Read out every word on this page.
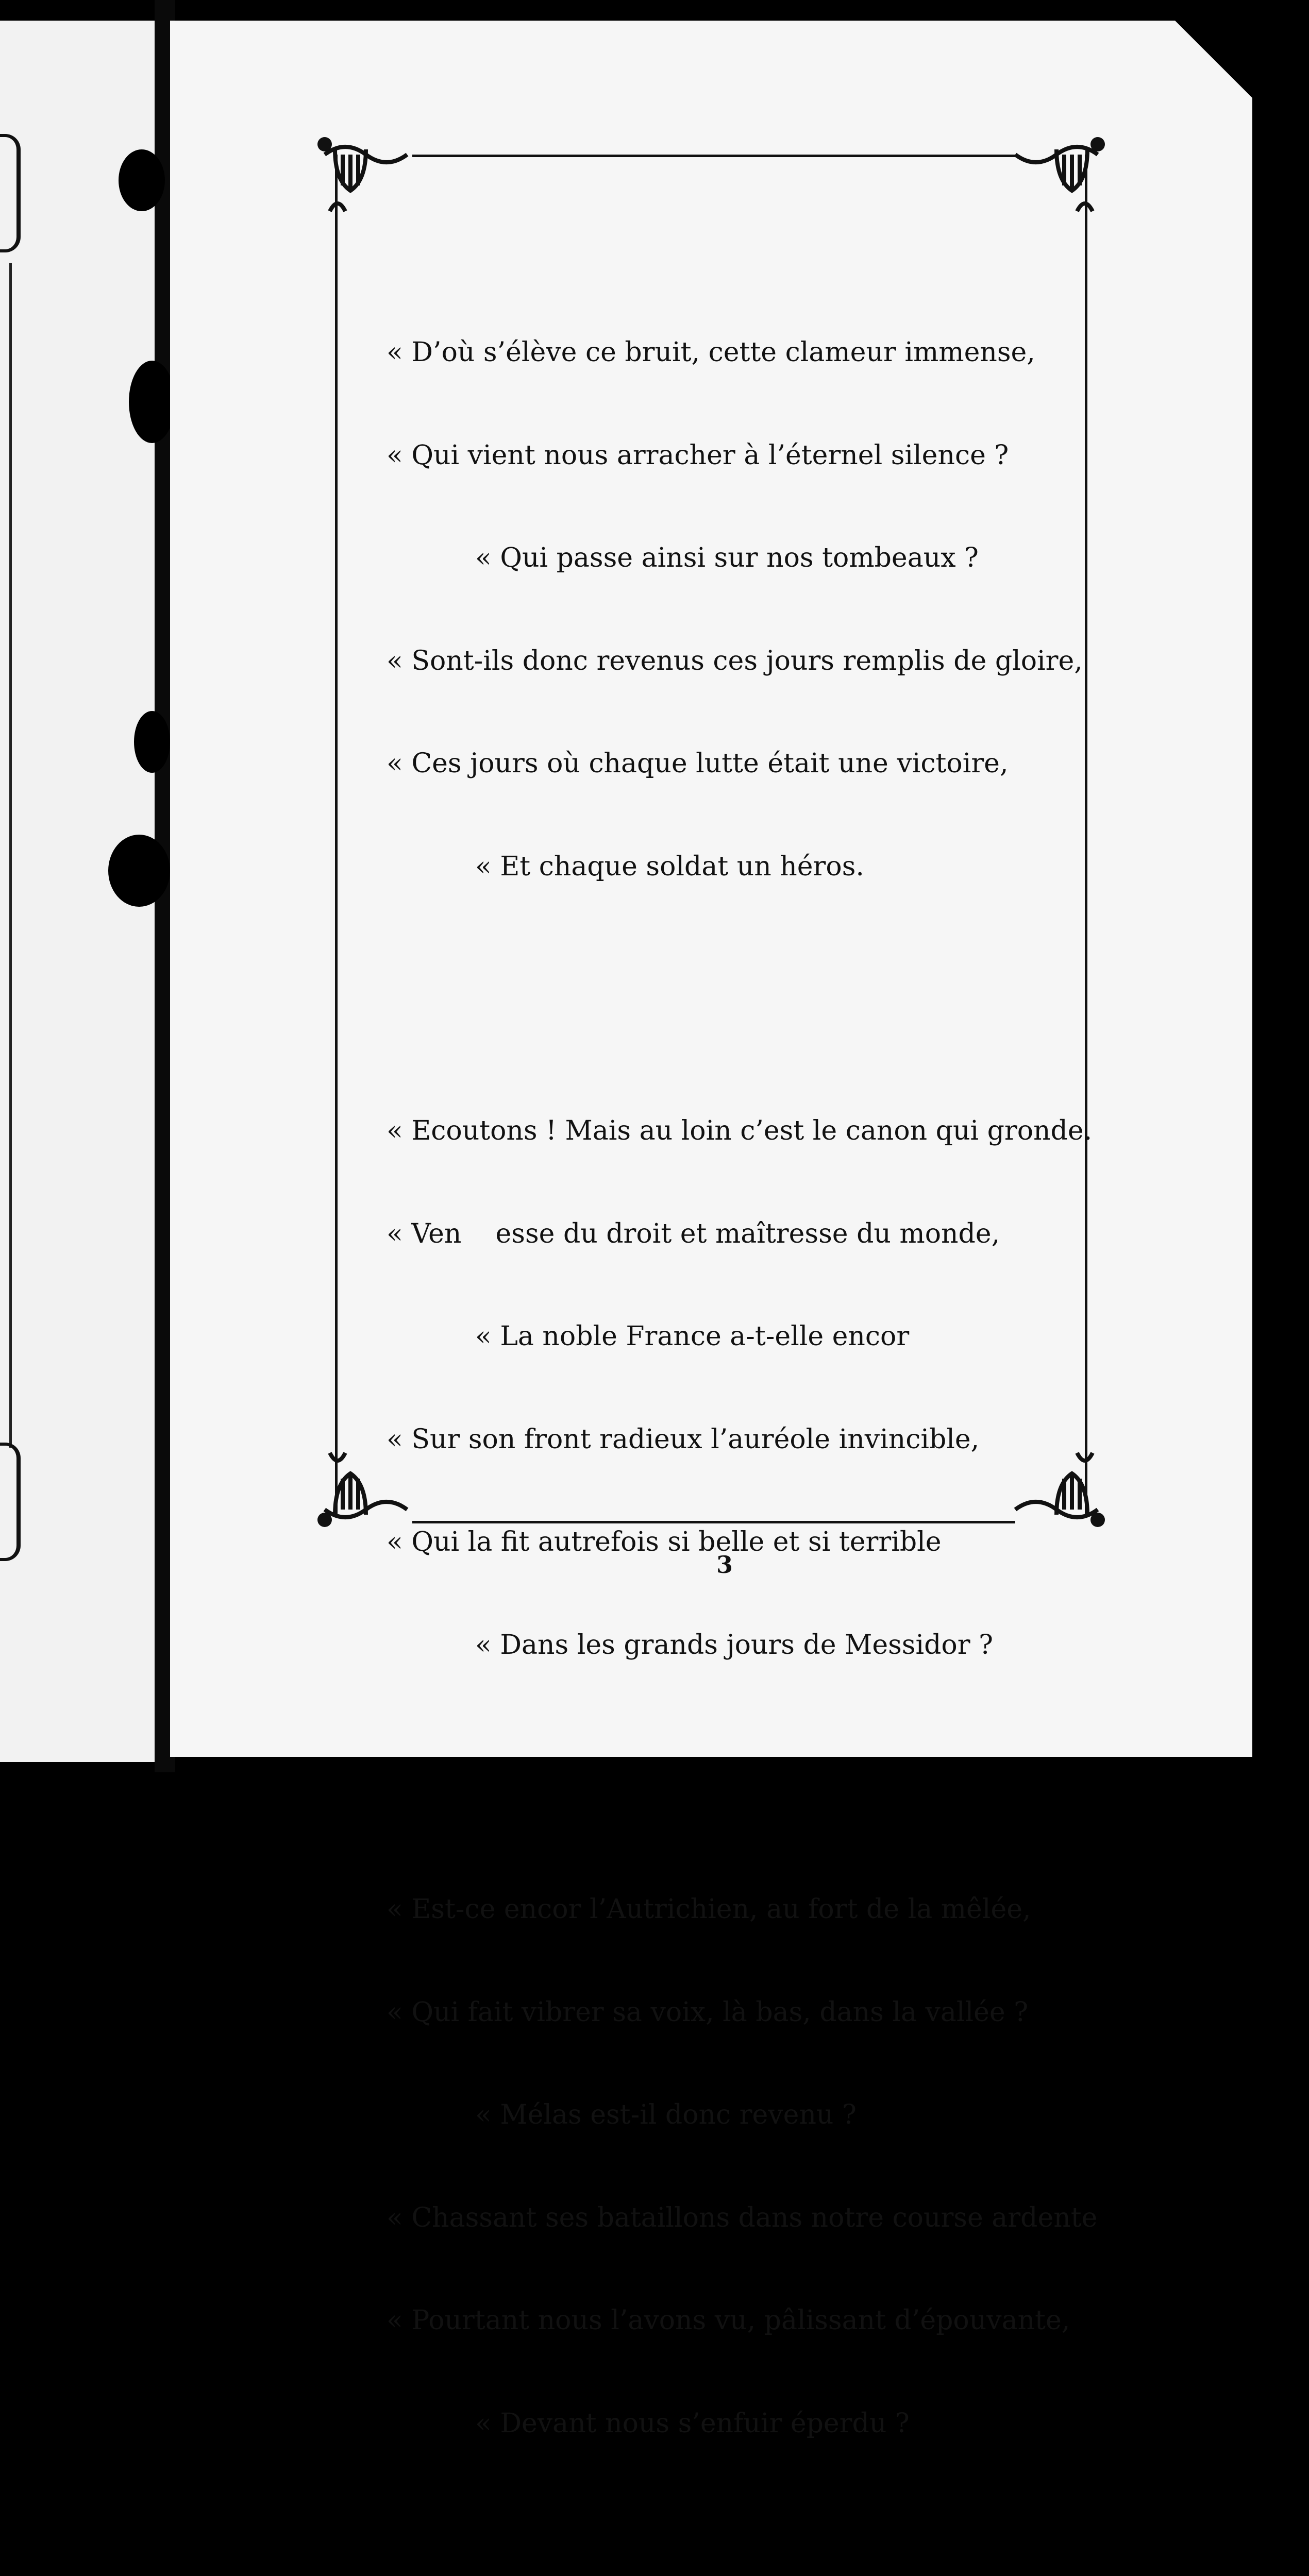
« D’où s’élève ce bruit, cette clameur immense,

« Qui vient nous arracher à l’éternel silence ?

« Qui passe ainsi sur nos tombeaux ?

« Sont-ils donc revenus ces jours remplis de gloire,

« Ces jours où chaque lutte était une victoire,

« Et chaque soldat un héros.

« Ecoutons ! Mais au loin c’est le canon qui gronde.

« Ven    esse du droit et maîtresse du monde,

« La noble France a-t-elle encor

« Sur son front radieux l’auréole invincible,

« Qui la fit autrefois si belle et si terrible

« Dans les grands jours de Messidor ?

« Est-ce encor l’Autrichien, au fort de la mêlée,

« Qui fait vibrer sa voix, là bas, dans la vallée ?

« Mélas est-il donc revenu ?

« Chassant ses bataillons dans notre course ardente

« Pourtant nous l’avons vu, pâlissant d’épouvante,

« Devant nous s’enfuir éperdu ?

3
